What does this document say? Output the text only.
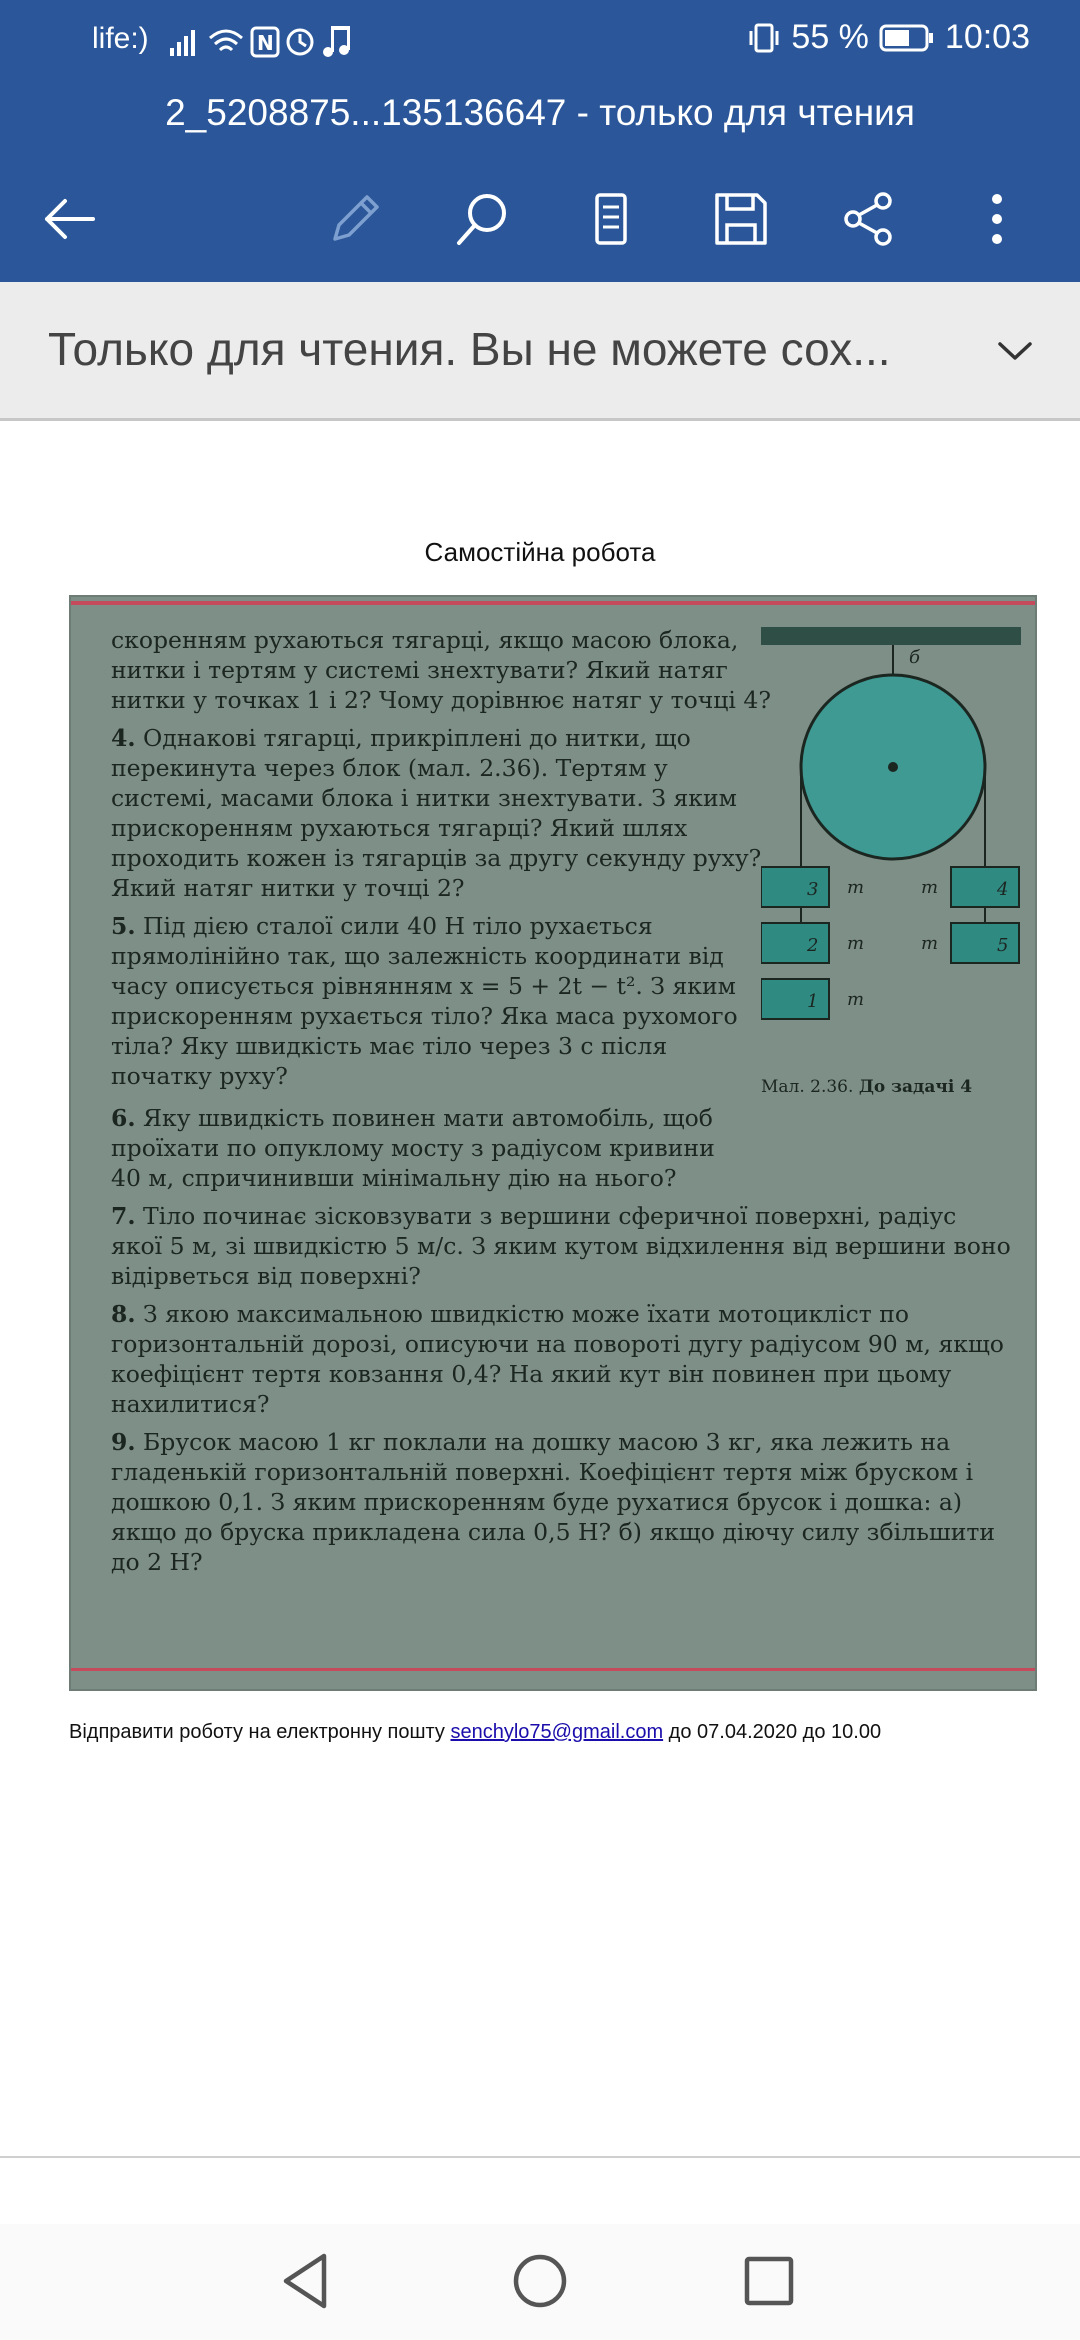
life:)	N	55 % 10:03
2_5208875...135136647 - только для чтения
Только для чтения. Вы не можете сох...
Самостійна робота

скоренням рухаються тягарці, якщо масою блока, нитки і тертям у системі знехтувати? Який натяг нитки у точках 1 і 2? Чому дорівнює натяг у точці 4?

4. Однакові тягарці, прикріплені до нитки, що перекинута через блок (мал. 2.36). Тертям у системі, масами блока і нитки знехтувати. З яким прискоренням рухаються тягарці? Який шлях проходить кожен із тягарців за другу секунду руху? Який натяг нитки у точці 2?

5. Під дією сталої сили 40 Н тіло рухається прямолінійно так, що залежність координати від часу описується рівнянням x = 5 + 2t − t². З яким прискоренням рухається тіло? Яка маса рухомого тіла? Яку швидкість має тіло через 3 с після початку руху?

6. Яку швидкість повинен мати автомобіль, щоб проїхати по опуклому мосту з радіусом кривини 40 м, спричинивши мінімальну дію на нього?

7. Тіло починає зісковзувати з вершини сферичної поверхні, радіус якої 5 м, зі швидкістю 5 м/с. З яким кутом відхилення від вершини воно відірветься від поверхні?

8. З якою максимальною швидкістю може їхати мотоцикліст по горизонтальній дорозі, описуючи на повороті дугу радіусом 90 м, якщо коефіцієнт тертя ковзання 0,4? На який кут він повинен при цьому нахилитися?

9. Брусок масою 1 кг поклали на дошку масою 3 кг, яка лежить на гладенькій горизонтальній поверхні. Коефіцієнт тертя між бруском і дошкою 0,1. З яким прискоренням буде рухатися брусок і дошка: а) якщо до бруска прикладена сила 0,5 Н? б) якщо діючу силу збільшити до 2 Н?

б
3
2
1
4
5
m
m
m
m
m
Мал. 2.36. До задачі 4
Відправити роботу на електронну пошту senchylo75@gmail.com до 07.04.2020 до 10.00
